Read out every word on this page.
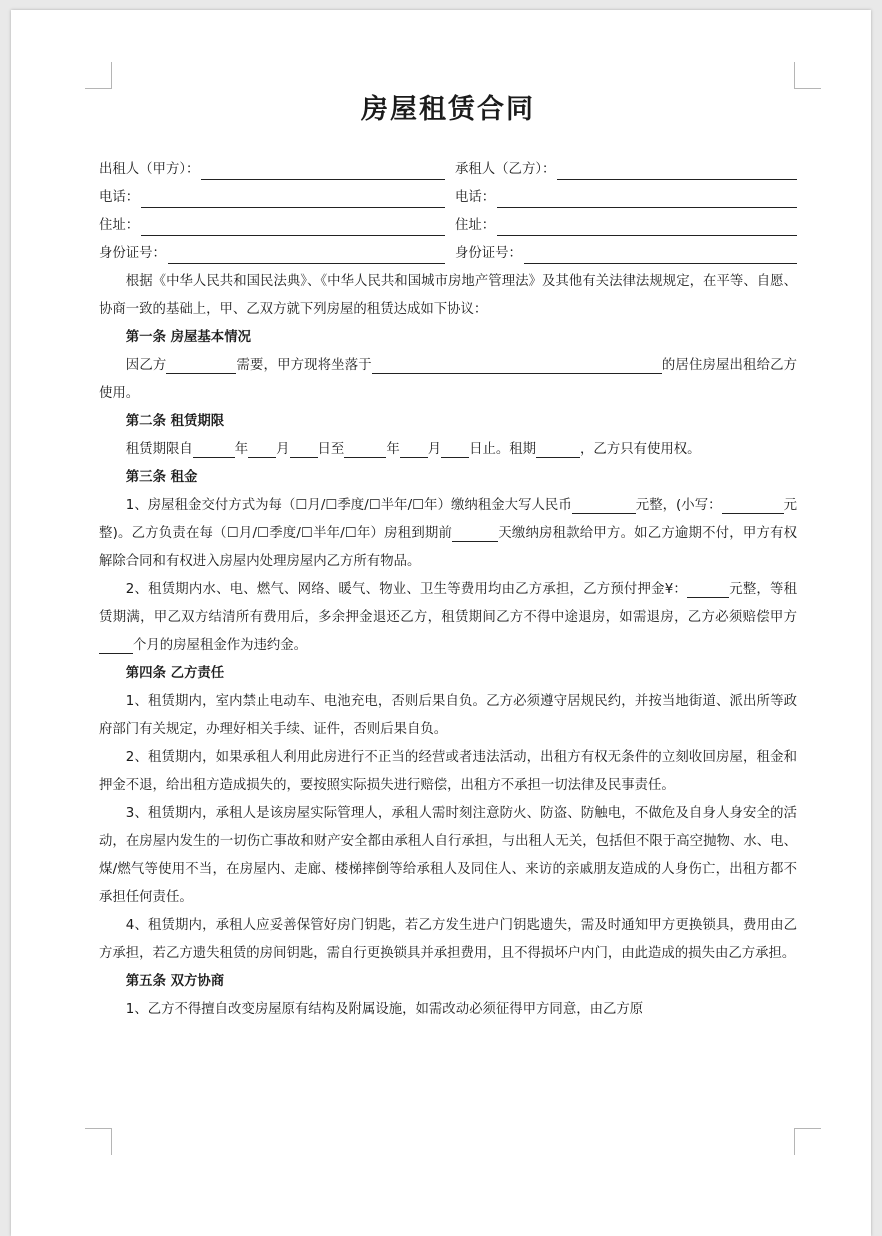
房屋租赁合同
出租人（甲方）：	承租人（乙方）：
电话：	电话：
住址：	住址：
身份证号：	身份证号：
根据《中华人民共和国民法典》、《中华人民共和国城市房地产管理法》及其他有关法律法规规定，在平等、自愿、协商一致的基础上，甲、乙双方就下列房屋的租赁达成如下协议：
第一条 房屋基本情况
因乙方	需要，甲方现将坐落于	的居住房屋出租给乙方使用。
第二条 租赁期限
租赁期限自	年 月 日至	年 月 日止。租期	，乙方只有使用权。
第三条 租金
1、房屋租金交付方式为每（☐月/☐季度/☐半年/☐年）缴纳租金大写人民币	元整，(小写：	元整)。乙方负责在每（☐月/☐季度/☐半年/☐年）房租到期前	天缴纳房租款给甲方。如乙方逾期不付，甲方有权解除合同和有权进入房屋内处理房屋内乙方所有物品。
2、租赁期内水、电、燃气、网络、暖气、物业、卫生等费用均由乙方承担，乙方预付押金¥：	元整，等租赁期满，甲乙双方结清所有费用后，多余押金退还乙方，租赁期间乙方不得中途退房，如需退房，乙方必须赔偿甲方个月的房屋租金作为违约金。
第四条 乙方责任
1、租赁期内，室内禁止电动车、电池充电，否则后果自负。乙方必须遵守居规民约，并按当地街道、派出所等政府部门有关规定，办理好相关手续、证件，否则后果自负。
2、租赁期内，如果承租人利用此房进行不正当的经营或者违法活动，出租方有权无条件的立刻收回房屋，租金和押金不退，给出租方造成损失的，要按照实际损失进行赔偿，出租方不承担一切法律及民事责任。
3、租赁期内，承租人是该房屋实际管理人，承租人需时刻注意防火、防盗、防触电，不做危及自身人身安全的活动，在房屋内发生的一切伤亡事故和财产安全都由承租人自行承担，与出租人无关，包括但不限于高空抛物、水、电、煤/燃气等使用不当，在房屋内、走廊、楼梯摔倒等给承租人及同住人、来访的亲戚朋友造成的人身伤亡，出租方都不承担任何责任。
4、租赁期内，承租人应妥善保管好房门钥匙，若乙方发生进户门钥匙遗失，需及时通知甲方更换锁具，费用由乙方承担，若乙方遗失租赁的房间钥匙，需自行更换锁具并承担费用，且不得损坏户内门，由此造成的损失由乙方承担。
第五条 双方协商
1、乙方不得擅自改变房屋原有结构及附属设施，如需改动必须征得甲方同意，由乙方原
